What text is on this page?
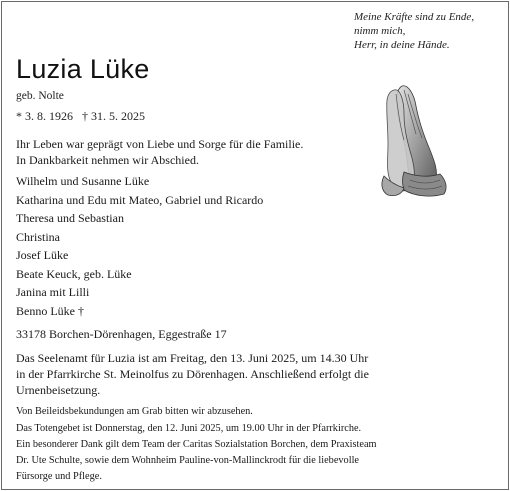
Meine Kräfte sind zu Ende,
nimm mich,
Herr, in deine Hände.
Luzia Lüke
geb. Nolte
* 3. 8. 1926   † 31. 5. 2025
Ihr Leben war geprägt von Liebe und Sorge für die Familie.
In Dankbarkeit nehmen wir Abschied.
Wilhelm und Susanne Lüke
Katharina und Edu mit Mateo, Gabriel und Ricardo
Theresa und Sebastian
Christina
Josef Lüke
Beate Keuck, geb. Lüke
Janina mit Lilli
Benno Lüke †
33178 Borchen-Dörenhagen, Eggestraße 17
Das Seelenamt für Luzia ist am Freitag, den 13. Juni 2025, um 14.30 Uhr
in der Pfarrkirche St. Meinolfus zu Dörenhagen. Anschließend erfolgt die
Urnenbeisetzung.
Von Beileidsbekundungen am Grab bitten wir abzusehen.
Das Totengebet ist Donnerstag, den 12. Juni 2025, um 19.00 Uhr in der Pfarrkirche.
Ein besonderer Dank gilt dem Team der Caritas Sozialstation Borchen, dem Praxisteam
Dr. Ute Schulte, sowie dem Wohnheim Pauline-von-Mallinckrodt für die liebevolle
Fürsorge und Pflege.
